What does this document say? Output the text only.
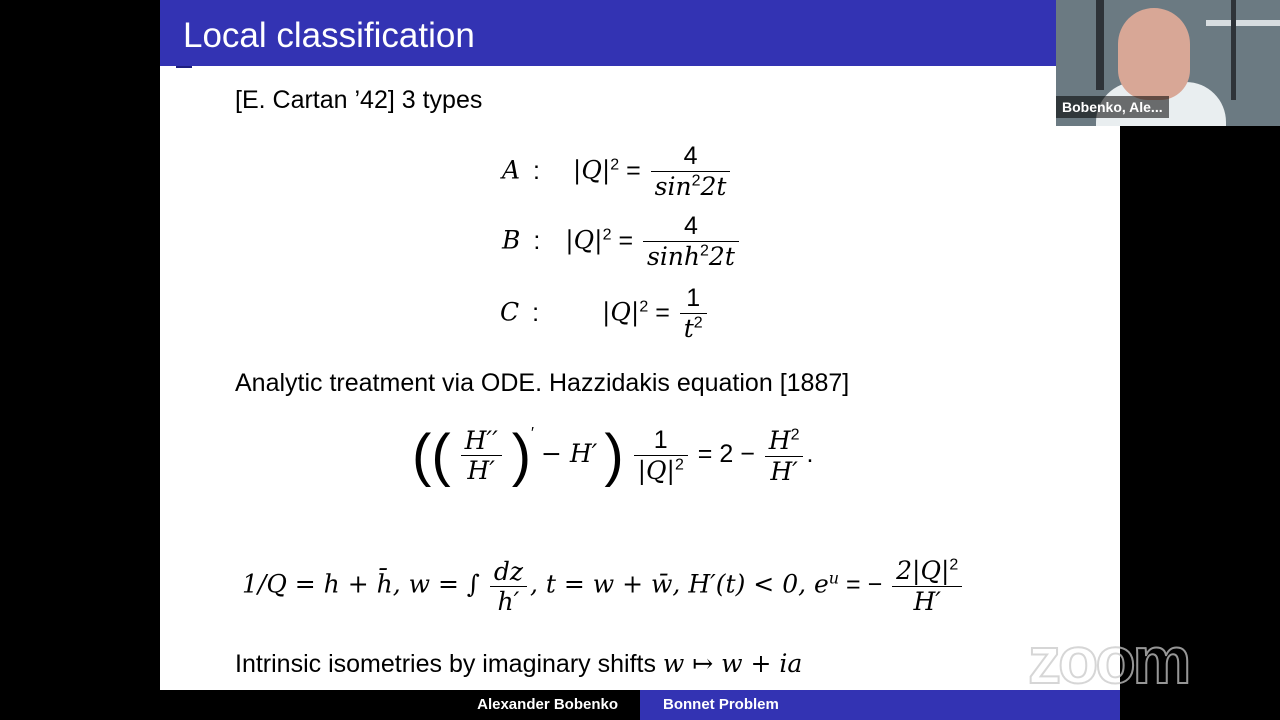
Local classification
[E. Cartan ’42] 3 types
A : $|Q|^2 = \frac{4}{\sin^22t}$
B : $|Q|^2 = \frac{4}{\sinh^22t}$
C :	$|Q|^2 = \frac{1}{t^2}$
Analytic treatment via ODE. Hazzidakis equation [1887]
(( $\frac{H''}{H'} )' - H'$ ) $\frac{1}{|Q|^2} = 2 - \frac{H^2}{H'}$ .
1/Q = h + h̄, w = ∫ $\frac{dz}{h'}$ , t = w + w̄, H′(t) < 0, $e^u$ = − $\frac{2|Q|^2}{H'}$
Intrinsic isometries by imaginary shifts w ↦ w + ia
Alexander Bobenko	Bonnet Problem
Bobenko, Ale...
zoom
